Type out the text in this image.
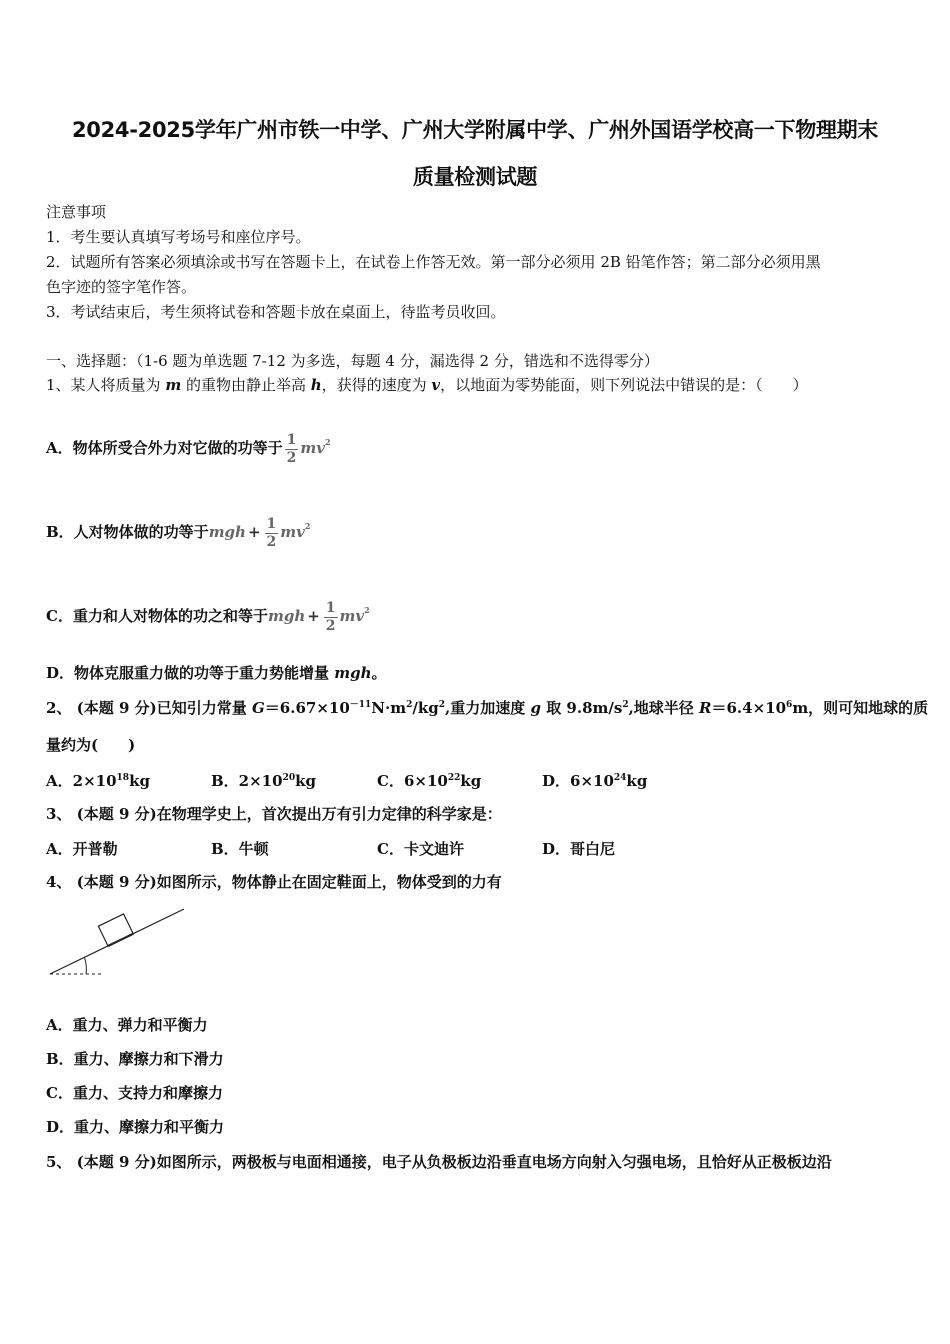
2024-2025学年广州市铁一中学、广州大学附属中学、广州外国语学校高一下物理期末
质量检测试题
注意事项
1．考生要认真填写考场号和座位序号。
2．试题所有答案必须填涂或书写在答题卡上，在试卷上作答无效。第一部分必须用 2B 铅笔作答；第二部分必须用黑
色字迹的签字笔作答。
3．考试结束后，考生须将试卷和答题卡放在桌面上，待监考员收回。
一、选择题：（1-6 题为单选题 7-12 为多选，每题 4 分，漏选得 2 分，错选和不选得零分）
1、某人将质量为 m 的重物由静止举高 h，获得的速度为 v，以地面为零势能面，则下列说法中错误的是：（　　）
A．物体所受合外力对它做的功等于 $\frac{1}{2} mv^2$
B．人对物体做的功等于mgh + $\frac{1}{2} mv^2$
C．重力和人对物体的功之和等于mgh + $\frac{1}{2} mv^2$
D．物体克服重力做的功等于重力势能增量 mgh。
2、 (本题 9 分)已知引力常量 $G=6.67\times 10^{-11}N\cdot m^2/kg^2$,重力加速度 g 取 $9.8m/s^2$,地球半径 $R=6.4\times 10^6m$，则可知地球的质
量约为(　　)
A．$2\times 10^{18}kg$	B．$2\times 10^{20}kg$	C．$6\times 10^{22}kg$	D．$6\times 10^{24}kg$
3、 (本题 9 分)在物理学史上，首次提出万有引力定律的科学家是：
A．开普勒	B．牛顿	C．卡文迪许	D．哥白尼
4、 (本题 9 分)如图所示，物体静止在固定鞋面上，物体受到的力有
A．重力、弹力和平衡力
B．重力、摩擦力和下滑力
C．重力、支持力和摩擦力
D．重力、摩擦力和平衡力
5、 (本题 9 分)如图所示，两极板与电面相通接，电子从负极板边沿垂直电场方向射入匀强电场，且恰好从正极板边沿
